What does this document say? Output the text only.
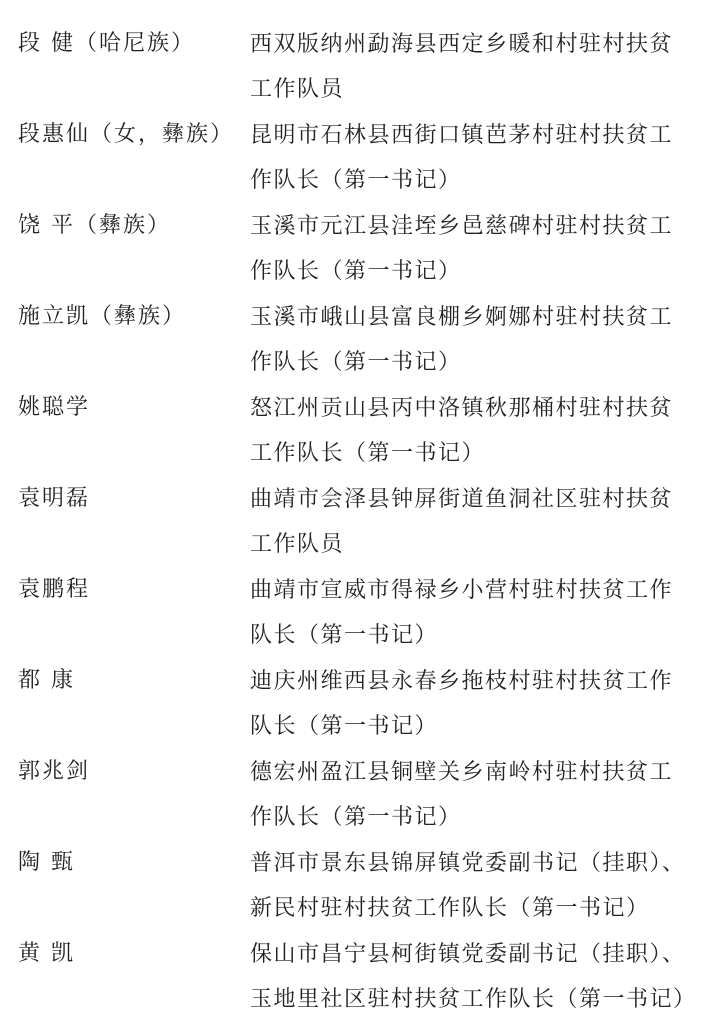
段 健（哈尼族）	西双版纳州勐海县西定乡暖和村驻村扶贫
工作队员
段惠仙（女，彝族） 昆明市石林县西街口镇芭茅村驻村扶贫工
作队长（第一书记）
饶 平（彝族）	玉溪市元江县洼垤乡邑慈碑村驻村扶贫工
作队长（第一书记）
施立凯（彝族）	玉溪市峨山县富良棚乡婀娜村驻村扶贫工
作队长（第一书记）
姚聪学	怒江州贡山县丙中洛镇秋那桶村驻村扶贫
工作队长（第一书记）
袁明磊	曲靖市会泽县钟屏街道鱼洞社区驻村扶贫
工作队员
袁鹏程	曲靖市宣威市得禄乡小营村驻村扶贫工作
队长（第一书记）
都 康	迪庆州维西县永春乡拖枝村驻村扶贫工作
队长（第一书记）
郭兆剑	德宏州盈江县铜壁关乡南岭村驻村扶贫工
作队长（第一书记）
陶 甄	普洱市景东县锦屏镇党委副书记（挂职）、
新民村驻村扶贫工作队长（第一书记）
黄 凯	保山市昌宁县柯街镇党委副书记（挂职）、
玉地里社区驻村扶贫工作队长（第一书记）
